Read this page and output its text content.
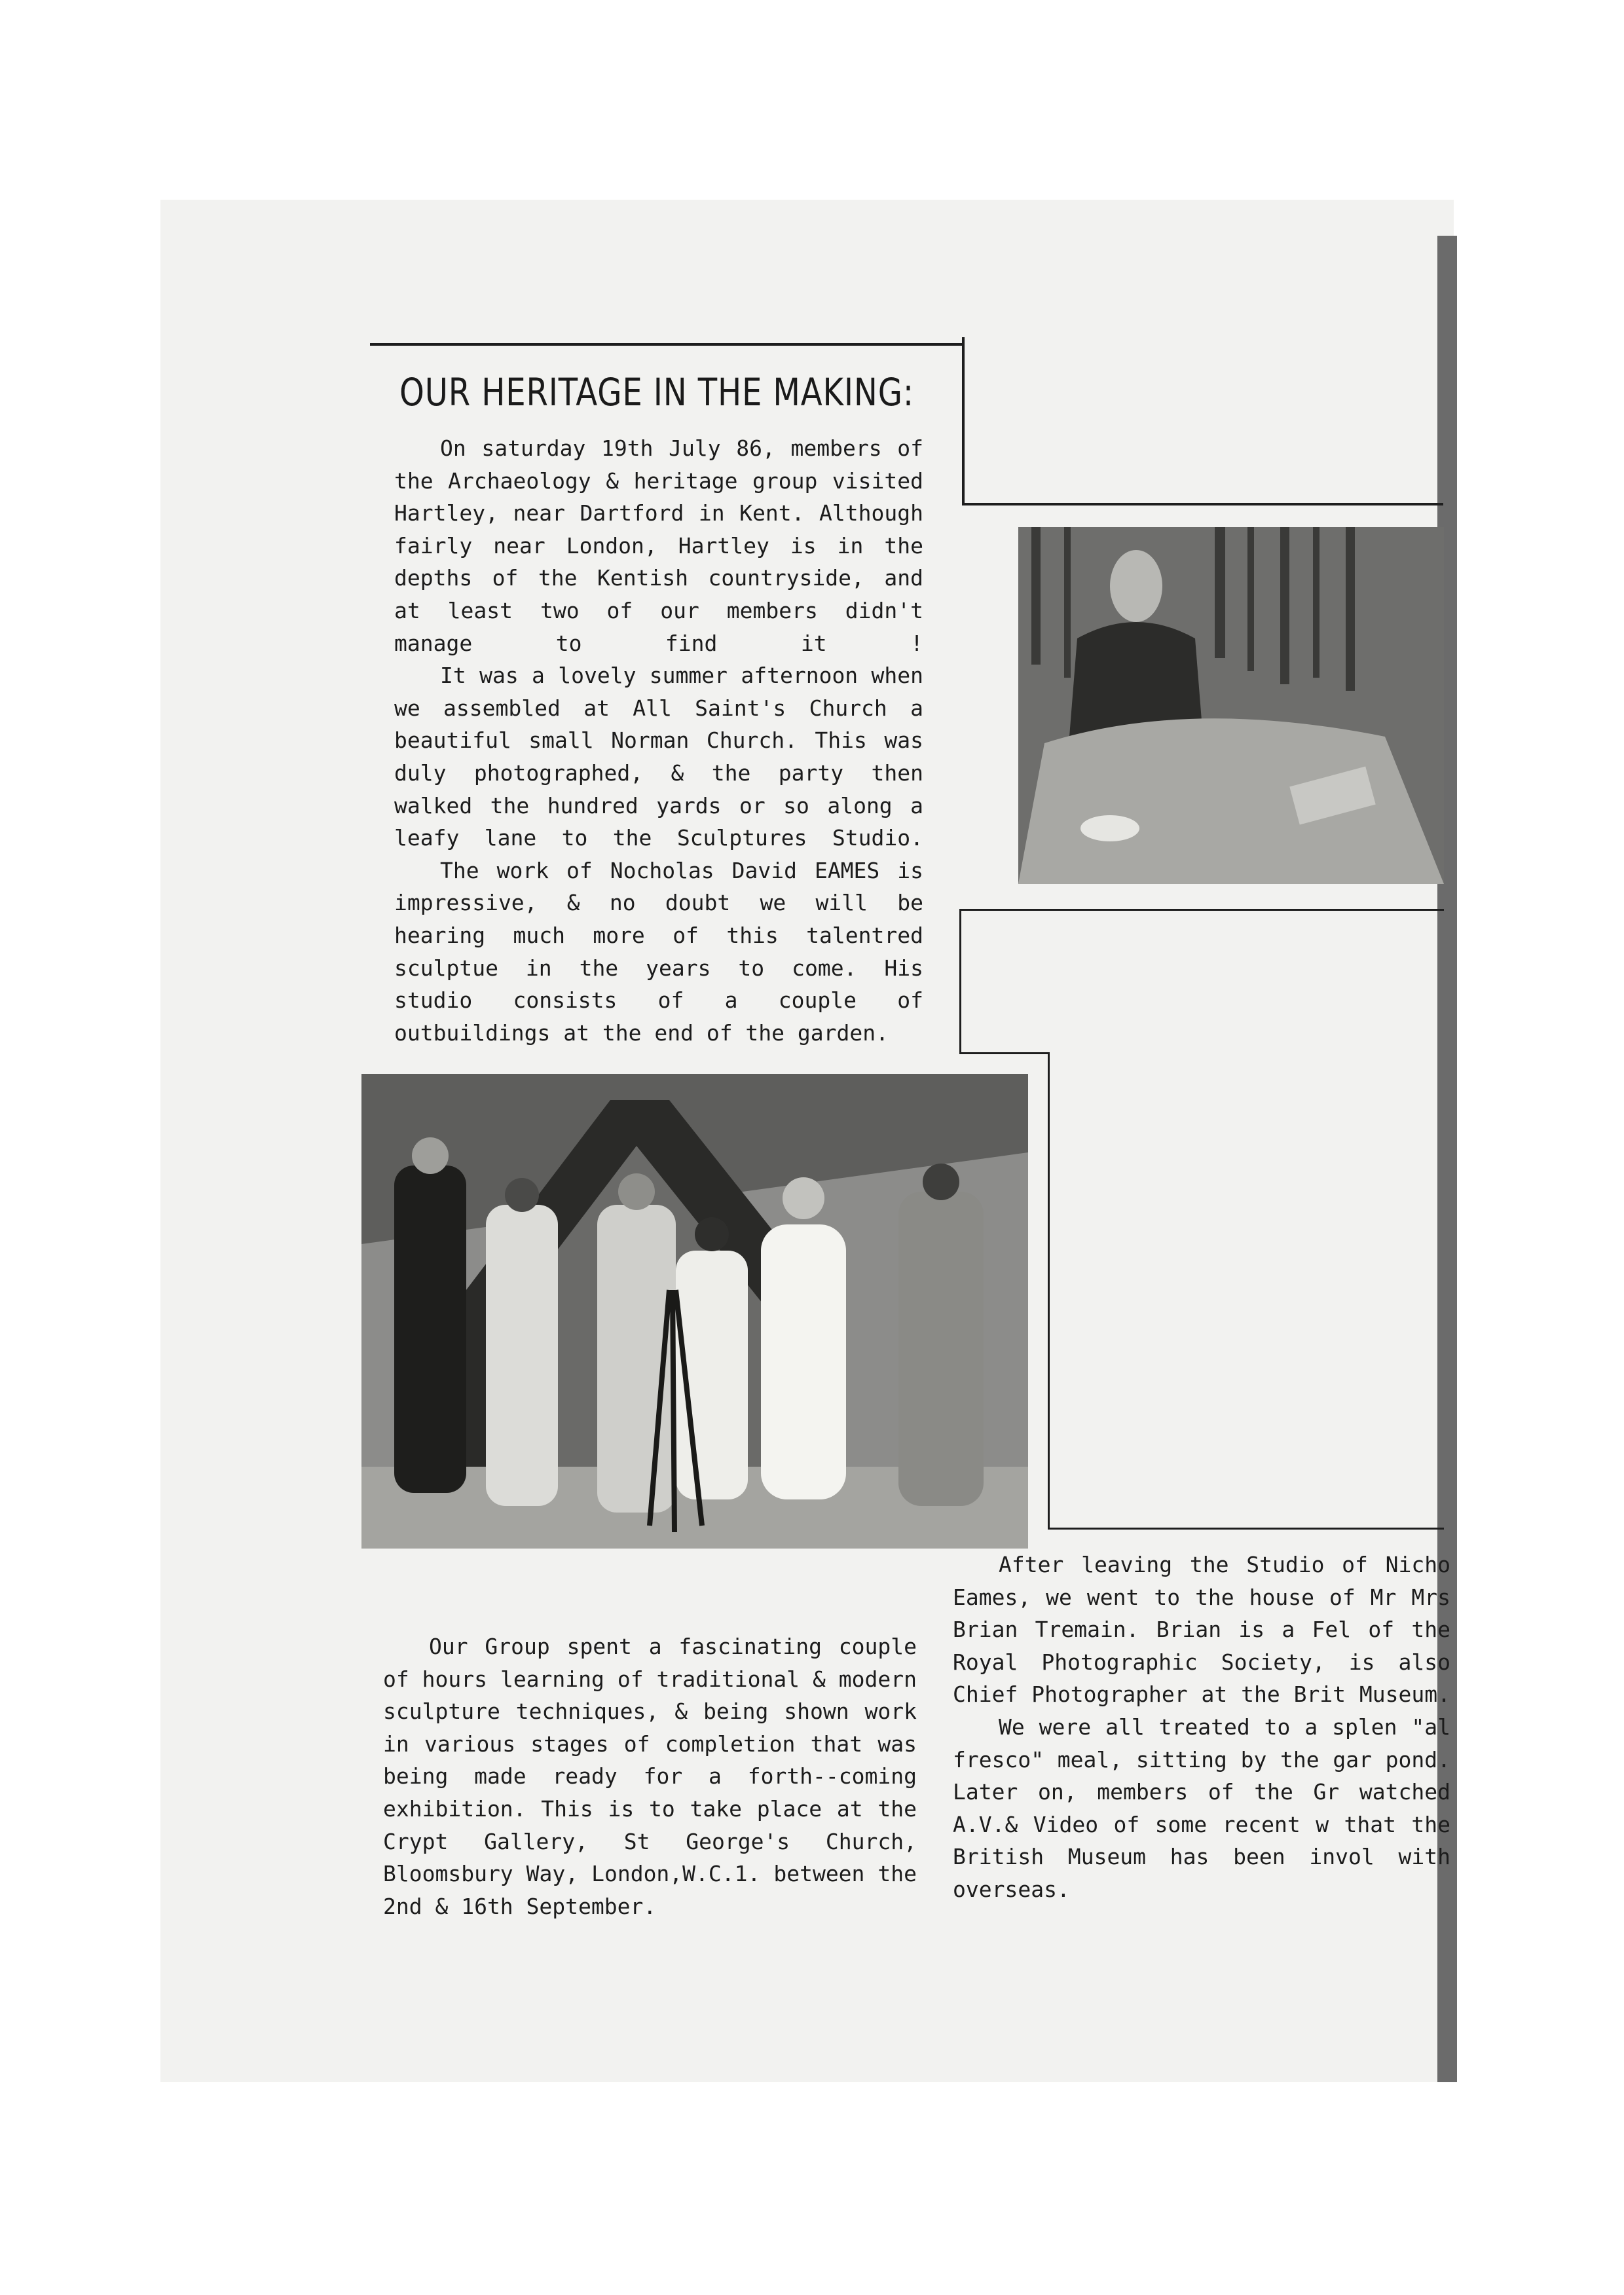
OUR HERITAGE IN THE MAKING:

On saturday 19th July 86, members of the Archaeology & heritage group visited Hartley, near Dartford in Kent. Although fairly near London, Hartley is in the depths of the Kentish countryside, and at least two of our members didn't manage to find it !

It was a lovely summer afternoon when we assembled at All Saint's Church a beautiful small Norman Church. This was duly photographed, & the party then walked the hundred yards or so along a leafy lane to the Sculptures Studio.

The work of Nocholas David EAMES is impressive, & no doubt we will be hearing much more of this talentred sculptue in the years to come. His studio consists of a couple of outbuildings at the end of the garden.

Our Group spent a fascinating couple of hours learning of traditional & modern sculpture techniques, & being shown work in various stages of completion that was being made ready for a forth--coming exhibition. This is to take place at the Crypt Gallery, St George's Church, Bloomsbury Way, London,W.C.1. between the 2nd & 16th September.

After leaving the Studio of Nicho Eames, we went to the house of Mr Mrs Brian Tremain. Brian is a Fel of the Royal Photographic Society, is also Chief Photographer at the Brit Museum.

We were all treated to a splen "al fresco" meal, sitting by the gar pond. Later on, members of the Gr watched A.V.& Video of some recent w that the British Museum has been invol with overseas.
